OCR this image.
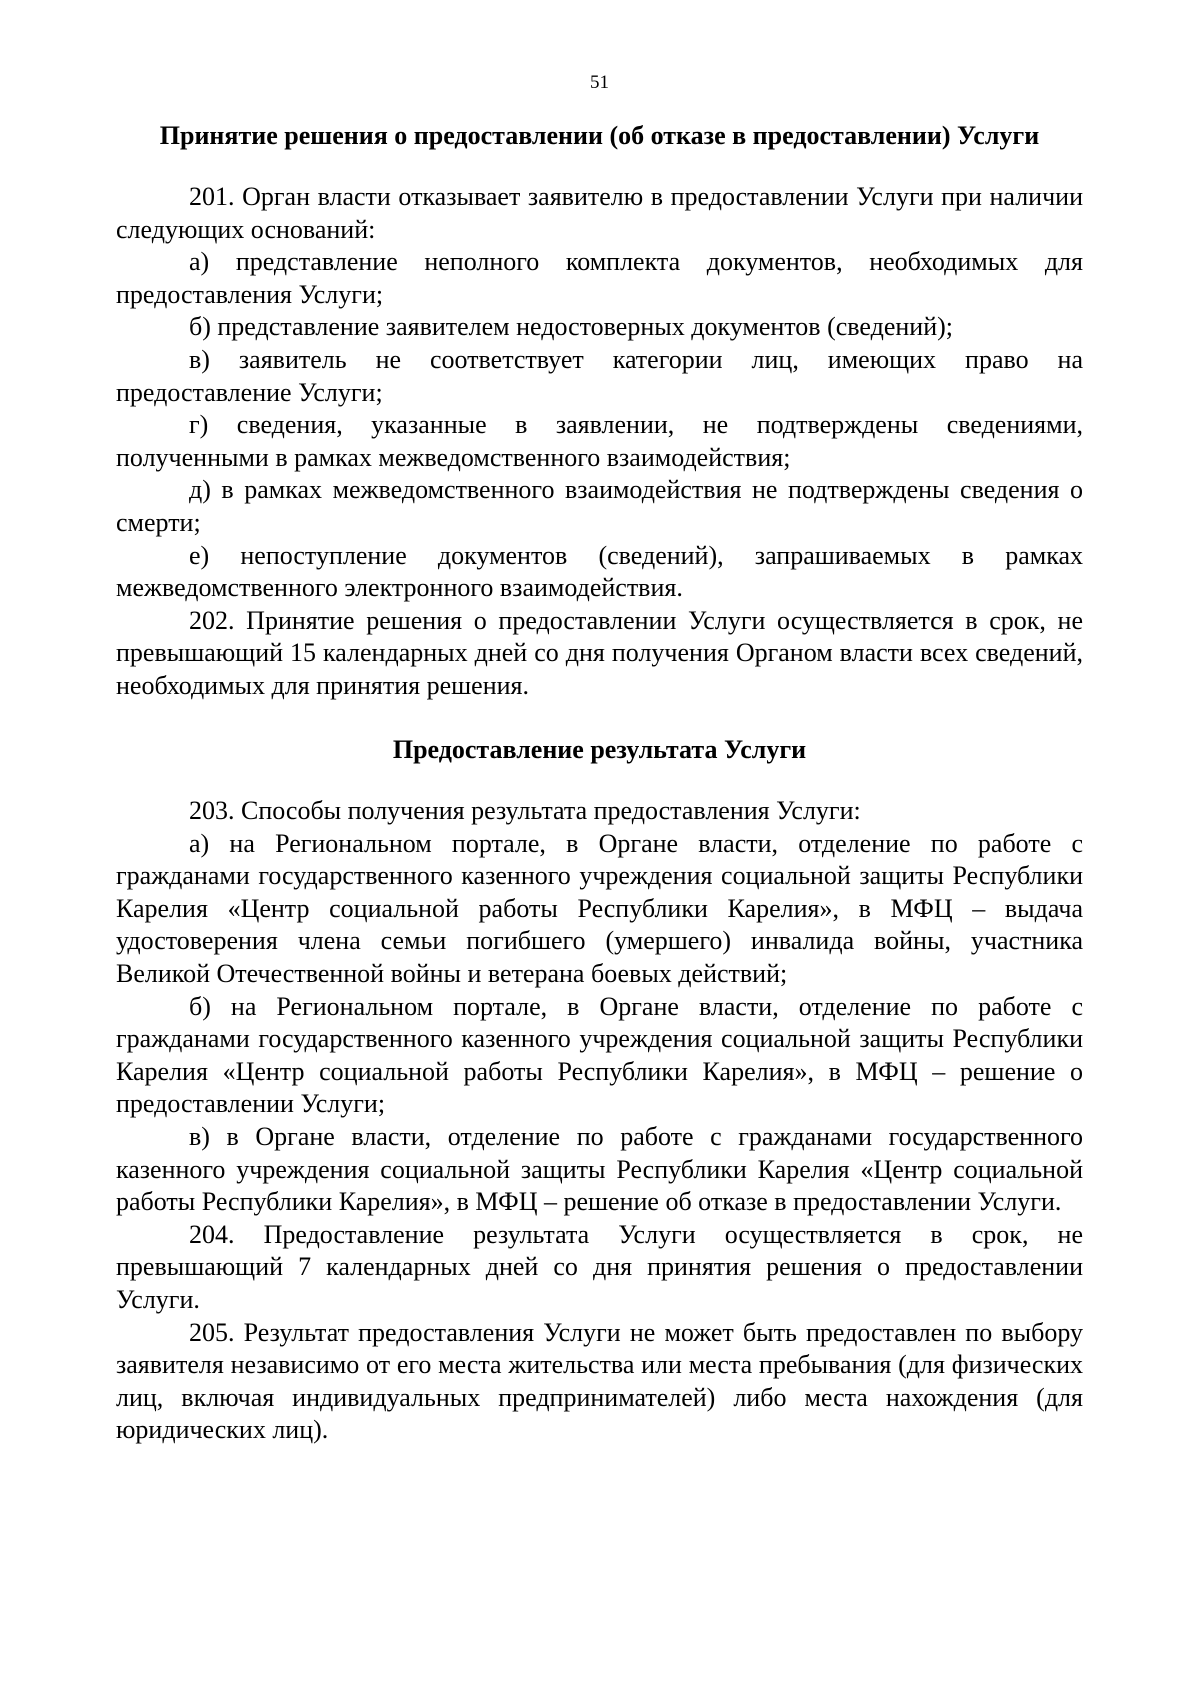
51
Принятие решения о предоставлении (об отказе в предоставлении) Услуги

201. Орган власти отказывает заявителю в предоставлении Услуги при наличии следующих оснований:

а) представление неполного комплекта документов, необходимых для предоставления Услуги;

б) представление заявителем недостоверных документов (сведений);

в) заявитель не соответствует категории лиц, имеющих право на предоставление Услуги;

г) сведения, указанные в заявлении, не подтверждены сведениями, полученными в рамках межведомственного взаимодействия;

д) в рамках межведомственного взаимодействия не подтверждены сведения о смерти;

е) непоступление документов (сведений), запрашиваемых в рамках межведомственного электронного взаимодействия.

202. Принятие решения о предоставлении Услуги осуществляется в срок, не превышающий 15 календарных дней со дня получения Органом власти всех сведений, необходимых для принятия решения.

Предоставление результата Услуги

203. Способы получения результата предоставления Услуги:

а) на Региональном портале, в Органе власти, отделение по работе с гражданами государственного казенного учреждения социальной защиты Республики Карелия «Центр социальной работы Республики Карелия», в МФЦ – выдача удостоверения члена семьи погибшего (умершего) инвалида войны, участника Великой Отечественной войны и ветерана боевых действий;

б) на Региональном портале, в Органе власти, отделение по работе с гражданами государственного казенного учреждения социальной защиты Республики Карелия «Центр социальной работы Республики Карелия», в МФЦ – решение о предоставлении Услуги;

в) в Органе власти, отделение по работе с гражданами государственного казенного учреждения социальной защиты Республики Карелия «Центр социальной работы Республики Карелия», в МФЦ – решение об отказе в предоставлении Услуги.

204. Предоставление результата Услуги осуществляется в срок, не превышающий 7 календарных дней со дня принятия решения о предоставлении Услуги.

205. Результат предоставления Услуги не может быть предоставлен по выбору заявителя независимо от его места жительства или места пребывания (для физических лиц, включая индивидуальных предпринимателей) либо места нахождения (для юридических лиц).
